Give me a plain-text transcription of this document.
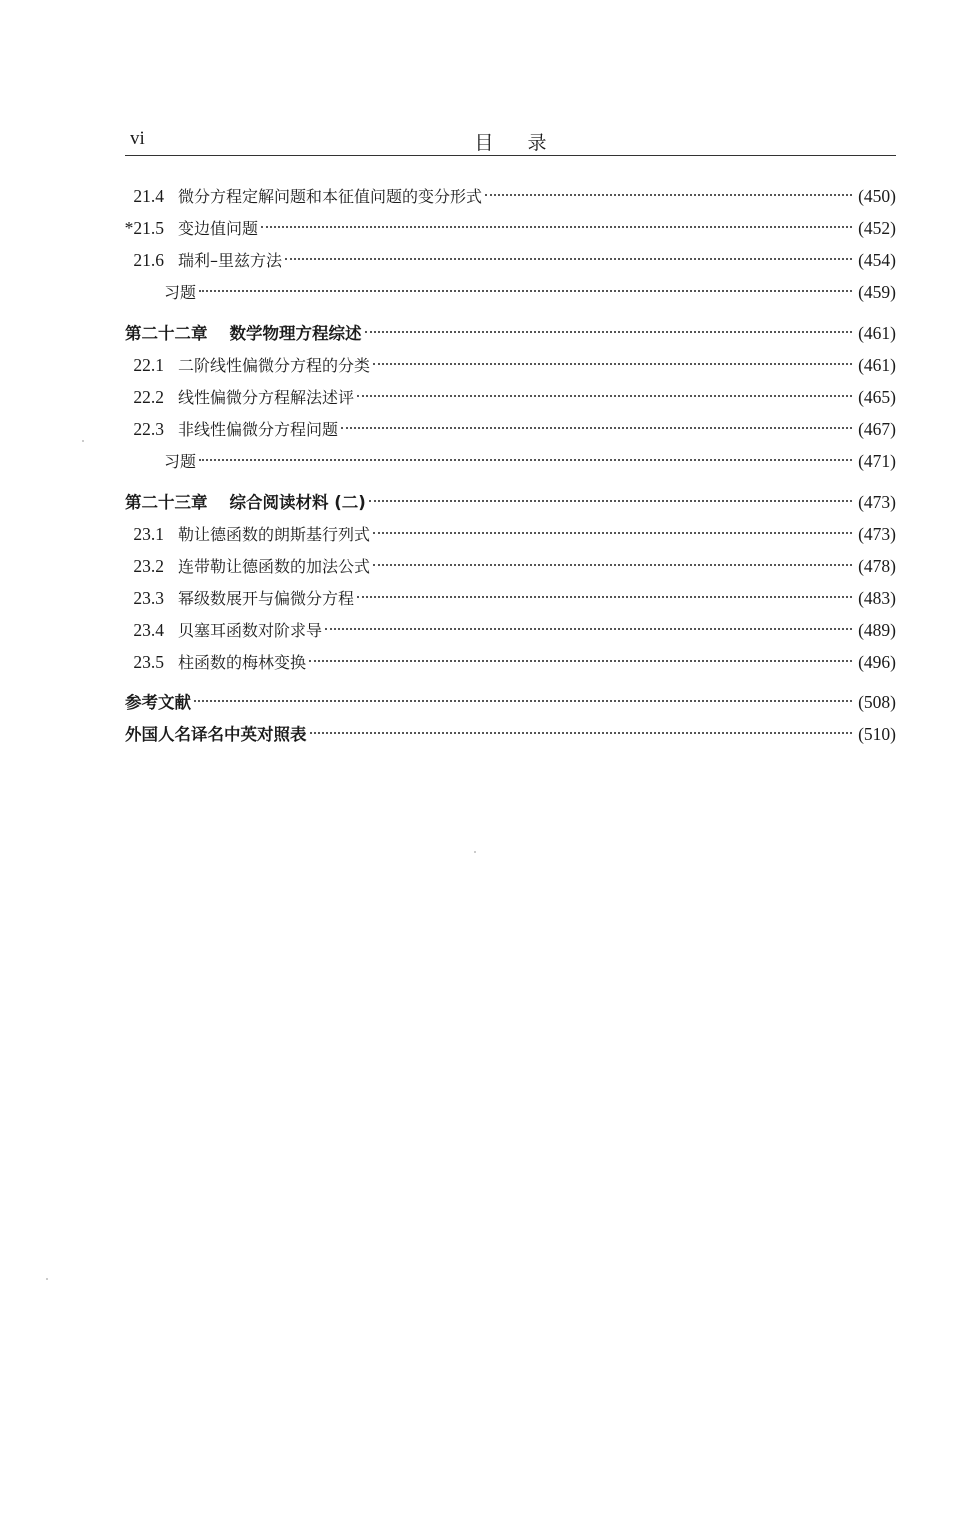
vi	目录
21.4 微分方程定解问题和本征值问题的变分形式	(450)
*21.5 变边值问题	(452)
21.6 瑞利–里兹方法	(454)
习题	(459)
第二十二章 数学物理方程综述	(461)
22.1 二阶线性偏微分方程的分类	(461)
22.2 线性偏微分方程解法述评	(465)
22.3 非线性偏微分方程问题	(467)
习题	(471)
第二十三章 综合阅读材料 (二)	(473)
23.1 勒让德函数的朗斯基行列式	(473)
23.2 连带勒让德函数的加法公式	(478)
23.3 幂级数展开与偏微分方程	(483)
23.4 贝塞耳函数对阶求导	(489)
23.5 柱函数的梅林变换	(496)
参考文献	(508)
外国人名译名中英对照表	(510)
